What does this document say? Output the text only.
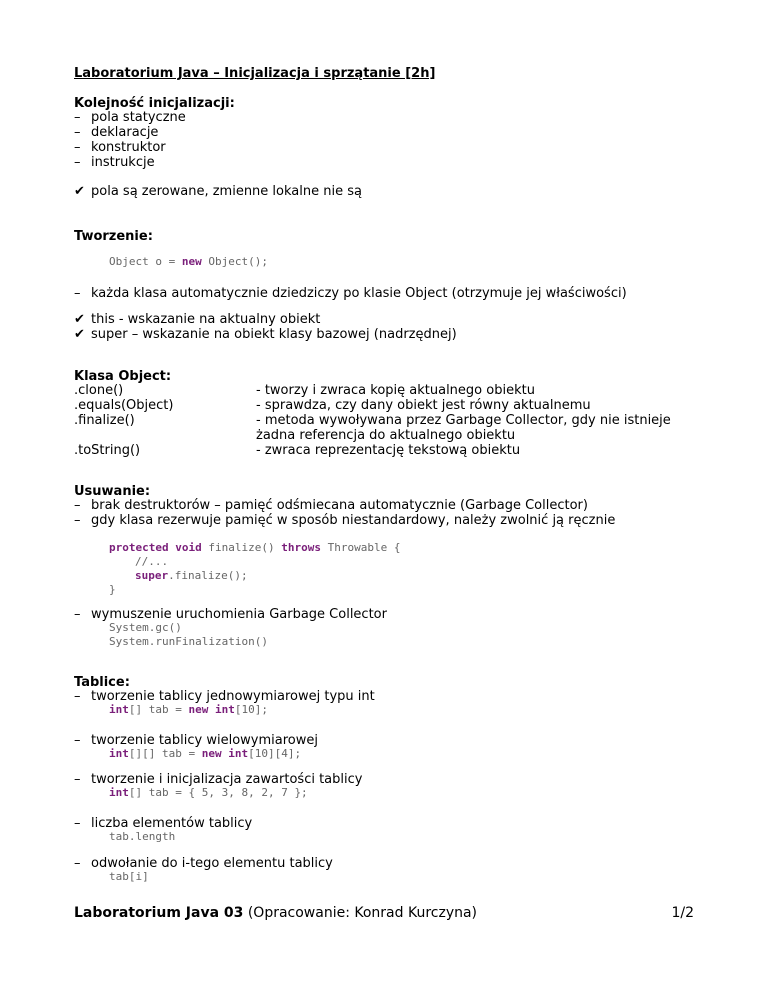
Laboratorium Java – Inicjalizacja i sprzątanie [2h]
Kolejność inicjalizacji:
– pola statyczne
– deklaracje
– konstruktor
– instrukcje
✔ pola są zerowane, zmienne lokalne nie są
Tworzenie:
Object o = new Object();
– każda klasa automatycznie dziedziczy po klasie Object (otrzymuje jej właściwości)
✔ this - wskazanie na aktualny obiekt
✔ super – wskazanie na obiekt klasy bazowej (nadrzędnej)
Klasa Object:
.clone()
.equals(Object)
.finalize()
.toString()
- tworzy i zwraca kopię aktualnego obiektu
- sprawdza, czy dany obiekt jest równy aktualnemu
- metoda wywoływana przez Garbage Collector, gdy nie istnieje
żadna referencja do aktualnego obiektu
- zwraca reprezentację tekstową obiektu
Usuwanie:
– brak destruktorów – pamięć odśmiecana automatycznie (Garbage Collector)
– gdy klasa rezerwuje pamięć w sposób niestandardowy, należy zwolnić ją ręcznie
protected void finalize() throws Throwable {
//...
super.finalize();
}
– wymuszenie uruchomienia Garbage Collector
System.gc()
System.runFinalization()
Tablice:
– tworzenie tablicy jednowymiarowej typu int
int[] tab = new int[10];
– tworzenie tablicy wielowymiarowej
int[][] tab = new int[10][4];
– tworzenie i inicjalizacja zawartości tablicy
int[] tab = { 5, 3, 8, 2, 7 };
– liczba elementów tablicy
tab.length
– odwołanie do i-tego elementu tablicy
tab[i]
Laboratorium Java 03 (Opracowanie: Konrad Kurczyna)	1/2
